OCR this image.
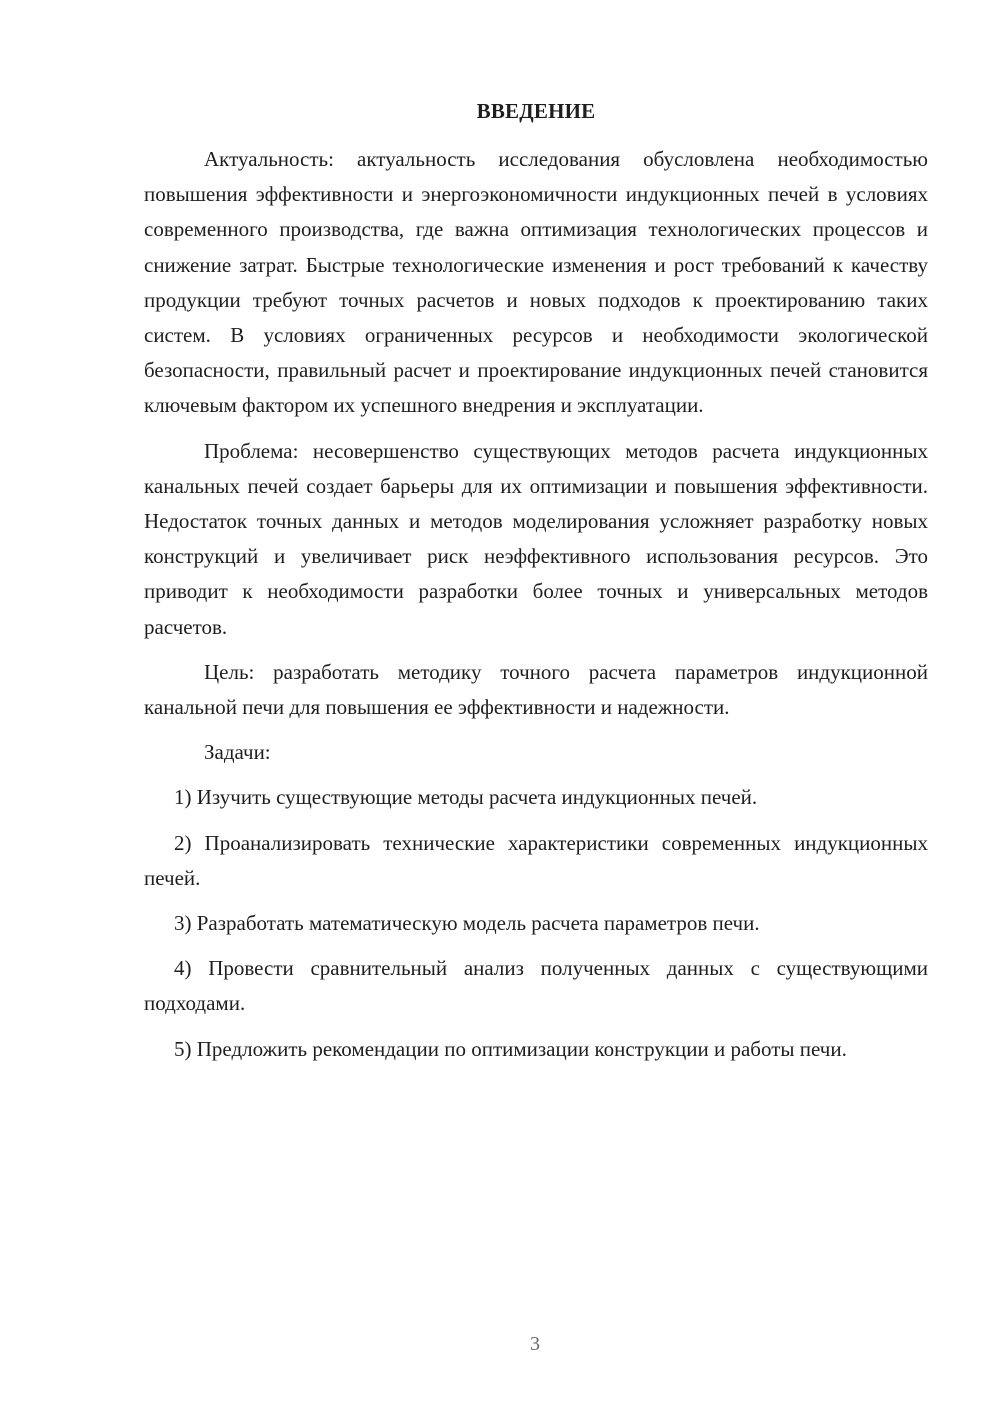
ВВЕДЕНИЕ

Актуальность: актуальность исследования обусловлена необходимостью повышения эффективности и энергоэкономичности индукционных печей в условиях современного производства, где важна оптимизация технологических процессов и снижение затрат. Быстрые технологические изменения и рост требований к качеству продукции требуют точных расчетов и новых подходов к проектированию таких систем. В условиях ограниченных ресурсов и необходимости экологической безопасности, правильный расчет и проектирование индукционных печей становится ключевым фактором их успешного внедрения и эксплуатации.

Проблема: несовершенство существующих методов расчета индукционных канальных печей создает барьеры для их оптимизации и повышения эффективности. Недостаток точных данных и методов моделирования усложняет разработку новых конструкций и увеличивает риск неэффективного использования ресурсов. Это приводит к необходимости разработки более точных и универсальных методов расчетов.

Цель: разработать методику точного расчета параметров индукционной канальной печи для повышения ее эффективности и надежности.

Задачи:

1) Изучить существующие методы расчета индукционных печей.

2) Проанализировать технические характеристики современных индукционных печей.

3) Разработать математическую модель расчета параметров печи.

4) Провести сравнительный анализ полученных данных с существующими подходами.

5) Предложить рекомендации по оптимизации конструкции и работы печи.

3
